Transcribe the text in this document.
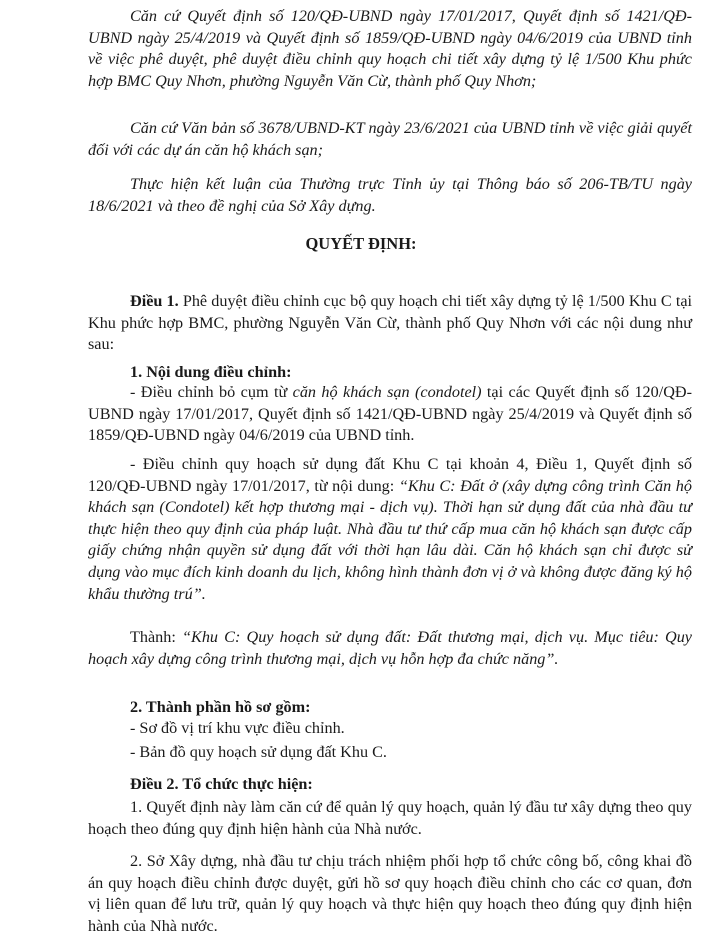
Căn cứ Quyết định số 120/QĐ-UBND ngày 17/01/2017, Quyết định số 1421/QĐ-UBND ngày 25/4/2019 và Quyết định số 1859/QĐ-UBND ngày 04/6/2019 của UBND tỉnh về việc phê duyệt, phê duyệt điều chỉnh quy hoạch chi tiết xây dựng tỷ lệ 1/500 Khu phức hợp BMC Quy Nhơn, phường Nguyễn Văn Cừ, thành phố Quy Nhơn;

Căn cứ Văn bản số 3678/UBND-KT ngày 23/6/2021 của UBND tỉnh về việc giải quyết đối với các dự án căn hộ khách sạn;

Thực hiện kết luận của Thường trực Tỉnh ủy tại Thông báo số 206-TB/TU ngày 18/6/2021 và theo đề nghị của Sở Xây dựng.

QUYẾT ĐỊNH:

Điều 1. Phê duyệt điều chỉnh cục bộ quy hoạch chi tiết xây dựng tỷ lệ 1/500 Khu C tại Khu phức hợp BMC, phường Nguyễn Văn Cừ, thành phố Quy Nhơn với các nội dung như sau:

1. Nội dung điều chỉnh:

- Điều chỉnh bỏ cụm từ căn hộ khách sạn (condotel) tại các Quyết định số 120/QĐ-UBND ngày 17/01/2017, Quyết định số 1421/QĐ-UBND ngày 25/4/2019 và Quyết định số 1859/QĐ-UBND ngày 04/6/2019 của UBND tỉnh.

- Điều chỉnh quy hoạch sử dụng đất Khu C tại khoản 4, Điều 1, Quyết định số 120/QĐ-UBND ngày 17/01/2017, từ nội dung: “Khu C: Đất ở (xây dựng công trình Căn hộ khách sạn (Condotel) kết hợp thương mại - dịch vụ). Thời hạn sử dụng đất của nhà đầu tư thực hiện theo quy định của pháp luật. Nhà đầu tư thứ cấp mua căn hộ khách sạn được cấp giấy chứng nhận quyền sử dụng đất với thời hạn lâu dài. Căn hộ khách sạn chỉ được sử dụng vào mục đích kinh doanh du lịch, không hình thành đơn vị ở và không được đăng ký hộ khẩu thường trú”.

Thành: “Khu C: Quy hoạch sử dụng đất: Đất thương mại, dịch vụ. Mục tiêu: Quy hoạch xây dựng công trình thương mại, dịch vụ hỗn hợp đa chức năng”.

2. Thành phần hồ sơ gồm:

- Sơ đồ vị trí khu vực điều chỉnh.

- Bản đồ quy hoạch sử dụng đất Khu C.

Điều 2. Tổ chức thực hiện:

1. Quyết định này làm căn cứ để quản lý quy hoạch, quản lý đầu tư xây dựng theo quy hoạch theo đúng quy định hiện hành của Nhà nước.

2. Sở Xây dựng, nhà đầu tư chịu trách nhiệm phối hợp tổ chức công bố, công khai đồ án quy hoạch điều chỉnh được duyệt, gửi hồ sơ quy hoạch điều chỉnh cho các cơ quan, đơn vị liên quan để lưu trữ, quản lý quy hoạch và thực hiện quy hoạch theo đúng quy định hiện hành của Nhà nước.
